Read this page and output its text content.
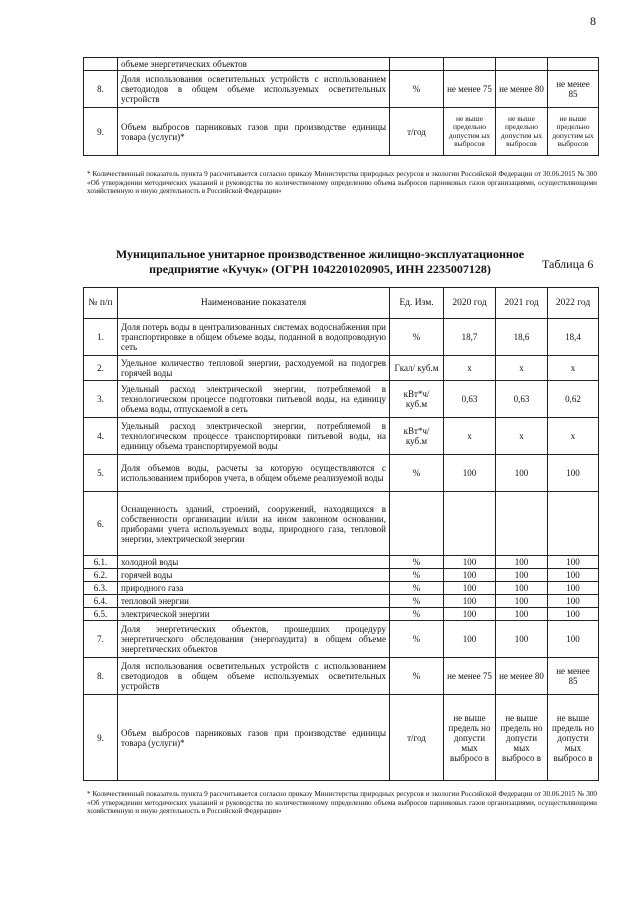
8
	объеме энергетических объектов				
8.	Доля использования осветительных устройств с использованием светодиодов в общем объеме используемых осветительных устройств	%	не менее 75	не менее 80	не менее 85
9.	Объем выбросов парниковых газов при производстве единицы товара (услуги)*	т/год	не выше предельно допустим ых выбросов	не выше предельно допустим ых выбросов	не выше предельно допустим ых выбросов
* Количественный показатель пункта 9 рассчитывается согласно приказу Министерства природных ресурсов и экологии Российской Федерации от 30.06.2015 № 300 «Об утверждении методических указаний и руководства по количественному определению объема выбросов парниковых газов организациями, осуществляющими хозяйственную и иную деятельность в Российской Федерации»
Таблица 6
Муниципальное унитарное производственное жилищно-эксплуатационное предприятие «Кучук» (ОГРН 1042201020905, ИНН 2235007128)
№ п/п	Наименование показателя	Ед. Изм.	2020 год	2021 год	2022 год
1.	Доля потерь воды в централизованных системах водоснабжения при транспортировке в общем объеме воды, поданной в водопроводную сеть	%	18,7	18,6	18,4
2.	Удельное количество тепловой энергии, расходуемой на подогрев горячей воды	Гкал/ куб.м	х	х	х
3.	Удельный расход электрической энергии, потребляемой в технологическом процессе подготовки питьевой воды, на единицу объема воды, отпускаемой в сеть	кВт*ч/ куб.м	0,63	0,63	0,62
4.	Удельный расход электрической энергии, потребляемой в технологическом процессе транспортировки питьевой воды, на единицу объема транспортируемой воды	кВт*ч/ куб.м	х	х	х
5.	Доля объемов воды, расчеты за которую осуществляются с использованием приборов учета, в общем объеме реализуемой воды	%	100	100	100
6.	Оснащенность зданий, строений, сооружений, находящихся в собственности организации и/или на ином законном основании, приборами учета используемых воды, природного газа, тепловой энергии, электрической энергии				
6.1.	холодной воды	%	100	100	100
6.2.	горячей воды	%	100	100	100
6.3.	природного газа	%	100	100	100
6.4.	тепловой энергии	%	100	100	100
6.5.	электрической энергии	%	100	100	100
7.	Доля энергетических объектов, прошедших процедуру энергетического обследования (энергоаудита) в общем объеме энергетических объектов	%	100	100	100
8.	Доля использования осветительных устройств с использованием светодиодов в общем объеме используемых осветительных устройств	%	не менее 75	не менее 80	не менее 85
9.	Объем выбросов парниковых газов при производстве единицы товара (услуги)*	т/год	не выше предель но допусти мых выбросо в	не выше предель но допусти мых выбросо в	не выше предель но допусти мых выбросо в
* Количественный показатель пункта 9 рассчитывается согласно приказу Министерства природных ресурсов и экологии Российской Федерации от 30.06.2015 № 300 «Об утверждении методических указаний и руководства по количественному определению объема выбросов парниковых газов организациями, осуществляющими хозяйственную и иную деятельность в Российской Федерации»
